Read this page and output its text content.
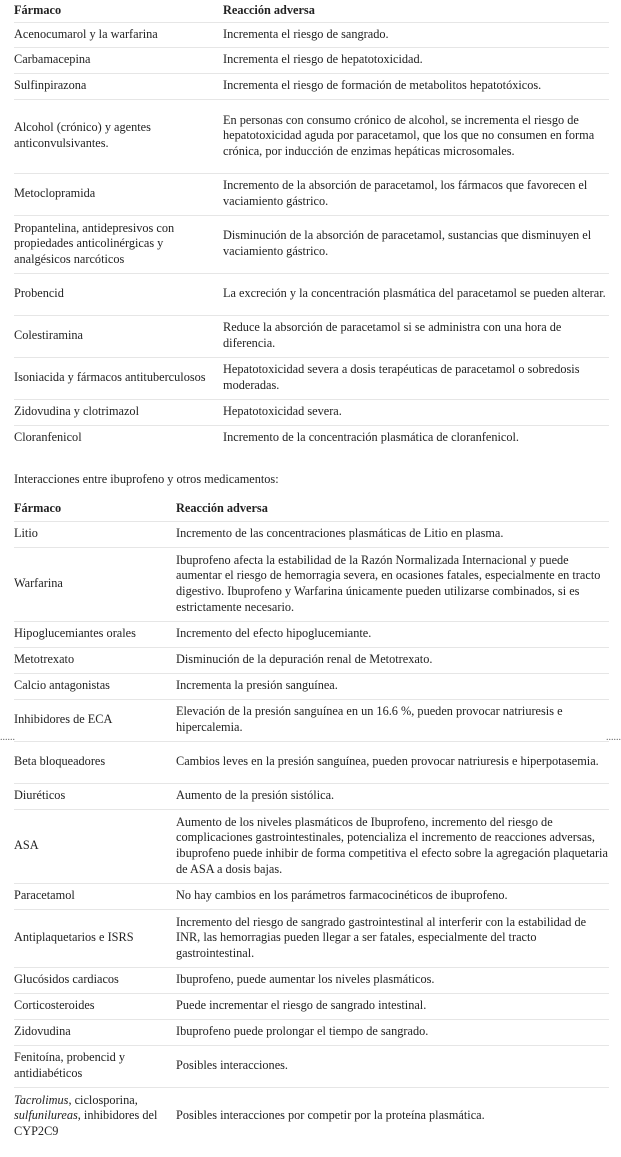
Fármaco	Reacción adversa
Acenocumarol y la warfarina	Incrementa el riesgo de sangrado.
Carbamacepina	Incrementa el riesgo de hepatotoxicidad.
Sulfinpirazona	Incrementa el riesgo de formación de metabolitos hepatotóxicos.
Alcohol (crónico) y agentes anticonvulsivantes.	En personas con consumo crónico de alcohol, se incrementa el riesgo de hepatotoxicidad aguda por paracetamol, que los que no consumen en forma crónica, por inducción de enzimas hepáticas microsomales.
Metoclopramida	Incremento de la absorción de paracetamol, los fármacos que favorecen el vaciamiento gástrico.
Propantelina, antidepresivos con propiedades anticolinérgicas y analgésicos narcóticos	Disminución de la absorción de paracetamol, sustancias que disminuyen el vaciamiento gástrico.
Probencid	La excreción y la concentración plasmática del paracetamol se pueden alterar.
Colestiramina	Reduce la absorción de paracetamol si se administra con una hora de diferencia.
Isoniacida y fármacos antituberculosos	Hepatotoxicidad severa a dosis terapéuticas de paracetamol o sobredosis moderadas.
Zidovudina y clotrimazol	Hepatotoxicidad severa.
Cloranfenicol	Incremento de la concentración plasmática de cloranfenicol.
Interacciones entre ibuprofeno y otros medicamentos:
Fármaco	Reacción adversa
Litio	Incremento de las concentraciones plasmáticas de Litio en plasma.
Warfarina	Ibuprofeno afecta la estabilidad de la Razón Normalizada Internacional y puede aumentar el riesgo de hemorragia severa, en ocasiones fatales, especialmente en tracto digestivo. Ibuprofeno y Warfarina únicamente pueden utilizarse combinados, si es estrictamente necesario.
Hipoglucemiantes orales	Incremento del efecto hipoglucemiante.
Metotrexato	Disminución de la depuración renal de Metotrexato.
Calcio antagonistas	Incrementa la presión sanguínea.
Inhibidores de ECA	Elevación de la presión sanguínea en un 16.6 %, pueden provocar natriuresis e hipercalemia.
Beta bloqueadores	Cambios leves en la presión sanguínea, pueden provocar natriuresis e hiperpotasemia.
Diuréticos	Aumento de la presión sistólica.
ASA	Aumento de los niveles plasmáticos de Ibuprofeno, incremento del riesgo de complicaciones gastrointestinales, potencializa el incremento de reacciones adversas, ibuprofeno puede inhibir de forma competitiva el efecto sobre la agregación plaquetaria de ASA a dosis bajas.
Paracetamol	No hay cambios en los parámetros farmacocinéticos de ibuprofeno.
Antiplaquetarios e ISRS	Incremento del riesgo de sangrado gastrointestinal al interferir con la estabilidad de INR, las hemorragias pueden llegar a ser fatales, especialmente del tracto gastrointestinal.
Glucósidos cardiacos	Ibuprofeno, puede aumentar los niveles plasmáticos.
Corticosteroides	Puede incrementar el riesgo de sangrado intestinal.
Zidovudina	Ibuprofeno puede prolongar el tiempo de sangrado.
Fenitoína, probencid y antidiabéticos	Posibles interacciones.
Tacrolimus, ciclosporina, sulfunilureas, inhibidores del CYP2C9	Posibles interacciones por competir por la proteína plasmática.
......	......
